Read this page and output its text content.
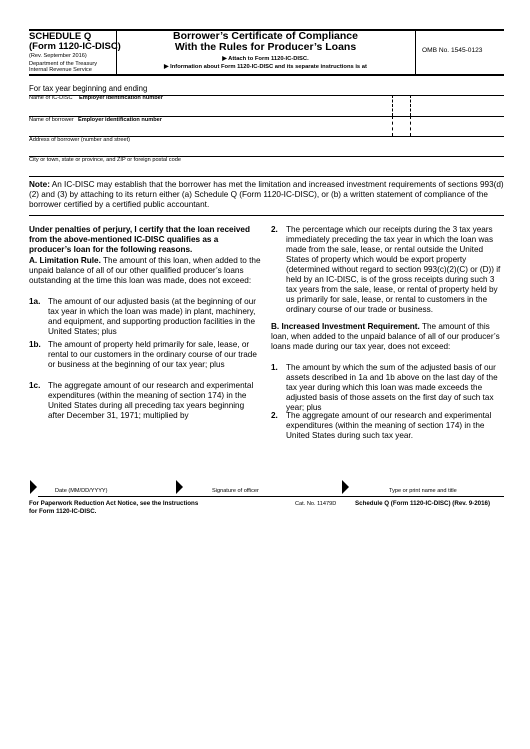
SCHEDULE Q
(Form 1120-IC-DISC)
(Rev. September 2016)
Department of the Treasury
Internal Revenue Service
Borrower’s Certificate of Compliance
With the Rules for Producer’s Loans
▶ Attach to Form 1120-IC-DISC.
▶ Information about Form 1120-IC-DISC and its separate instructions is at
OMB No. 1545-0123
For tax year beginning and ending
Name of IC-DISC Employer identification number
Name of borrower Employer identification number
Address of borrower (number and street)
City or town, state or province, and ZIP or foreign postal code
Note: An IC-DISC may establish that the borrower has met the limitation and increased investment requirements of sections 993(d)(2) and (3) by attaching to its return either (a) Schedule Q (Form 1120-IC-DISC), or (b) a written statement of compliance of the borrower certified by a certified public accountant.
Under penalties of perjury, I certify that the loan received from the above-mentioned IC-DISC qualifies as a producer’s loan for the following reasons.
A. Limitation Rule. The amount of this loan, when added to the unpaid balance of all of our other qualified producer’s loans outstanding at the time this loan was made, does not exceed:
1a. The amount of our adjusted basis (at the beginning of our tax year in which the loan was made) in plant, machinery, and equipment, and supporting production facilities in the United States; plus
1b. The amount of property held primarily for sale, lease, or rental to our customers in the ordinary course of our trade or business at the beginning of our tax year; plus
1c. The aggregate amount of our research and experimental expenditures (within the meaning of section 174) in the United States during all preceding tax years beginning after December 31, 1971; multiplied by
2. The percentage which our receipts during the 3 tax years immediately preceding the tax year in which the loan was made from the sale, lease, or rental outside the United States of property which would be export property (determined without regard to section 993(c)(2)(C) or (D)) if held by an IC-DISC, is of the gross receipts during such 3 tax years from the sale, lease, or rental of property held by us primarily for sale, lease, or rental to customers in the ordinary course of our trade or business.
B. Increased Investment Requirement. The amount of this loan, when added to the unpaid balance of all of our producer’s loans made during our tax year, does not exceed:
1. The amount by which the sum of the adjusted basis of our assets described in 1a and 1b above on the last day of the tax year during which this loan was made exceeds the adjusted basis of those assets on the first day of such tax year; plus
2. The aggregate amount of our research and experimental expenditures (within the meaning of section 174) in the United States during such tax year.
Date (MM/DD/YYYY)	Signature of officer	Type or print name and title
For Paperwork Reduction Act Notice, see the Instructions for Form 1120-IC-DISC.
Cat. No. 11479D	Schedule Q (Form 1120-IC-DISC) (Rev. 9-2016)
